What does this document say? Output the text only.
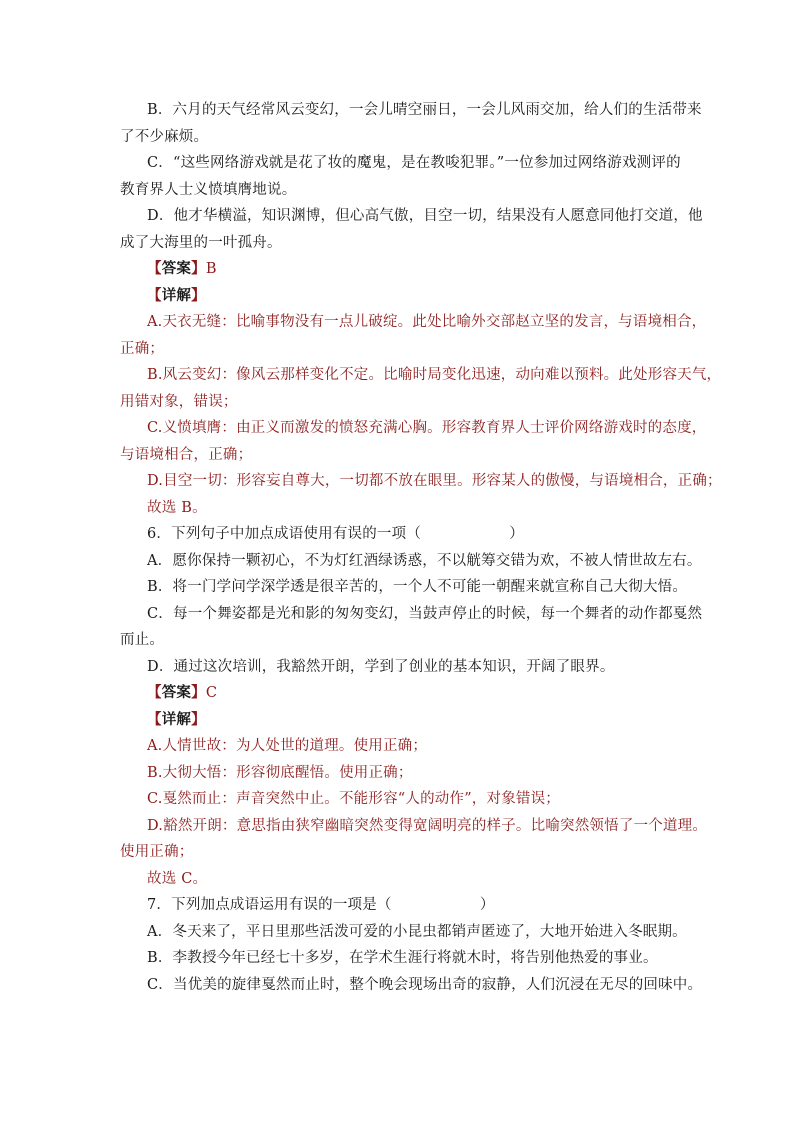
B．六月的天气经常风云变幻，一会儿晴空丽日，一会儿风雨交加，给人们的生活带来
了不少麻烦。
C．“这些网络游戏就是花了妆的魔鬼，是在教唆犯罪。”一位参加过网络游戏测评的
教育界人士义愤填膺地说。
D．他才华横溢，知识渊博，但心高气傲，目空一切，结果没有人愿意同他打交道，他
成了大海里的一叶孤舟。
【答案】B
【详解】
A.天衣无缝：比喻事物没有一点儿破绽。此处比喻外交部赵立坚的发言，与语境相合，
正确；
B.风云变幻：像风云那样变化不定。比喻时局变化迅速，动向难以预料。此处形容天气，
用错对象，错误；
C.义愤填膺：由正义而激发的愤怒充满心胸。形容教育界人士评价网络游戏时的态度，
与语境相合，正确；
D.目空一切：形容妄自尊大，一切都不放在眼里。形容某人的傲慢，与语境相合，正确；
故选 B。
6．下列句子中加点成语使用有误的一项（　　　　　　）
A．愿你保持一颗初心，不为灯红酒绿诱惑，不以觥筹交错为欢，不被人情世故左右。
B．将一门学问学深学透是很辛苦的，一个人不可能一朝醒来就宣称自己大彻大悟。
C．每一个舞姿都是光和影的匆匆变幻，当鼓声停止的时候，每一个舞者的动作都戛然
而止。
D．通过这次培训，我豁然开朗，学到了创业的基本知识，开阔了眼界。
【答案】C
【详解】
A.人情世故：为人处世的道理。使用正确；
B.大彻大悟：形容彻底醒悟。使用正确；
C.戛然而止：声音突然中止。不能形容“人的动作”，对象错误；
D.豁然开朗：意思指由狭窄幽暗突然变得宽阔明亮的样子。比喻突然领悟了一个道理。
使用正确；
故选 C。
7．下列加点成语运用有误的一项是（　　　　　　）
A．冬天来了，平日里那些活泼可爱的小昆虫都销声匿迹了，大地开始进入冬眠期。
B．李教授今年已经七十多岁，在学术生涯行将就木时，将告别他热爱的事业。
C．当优美的旋律戛然而止时，整个晚会现场出奇的寂静，人们沉浸在无尽的回味中。
